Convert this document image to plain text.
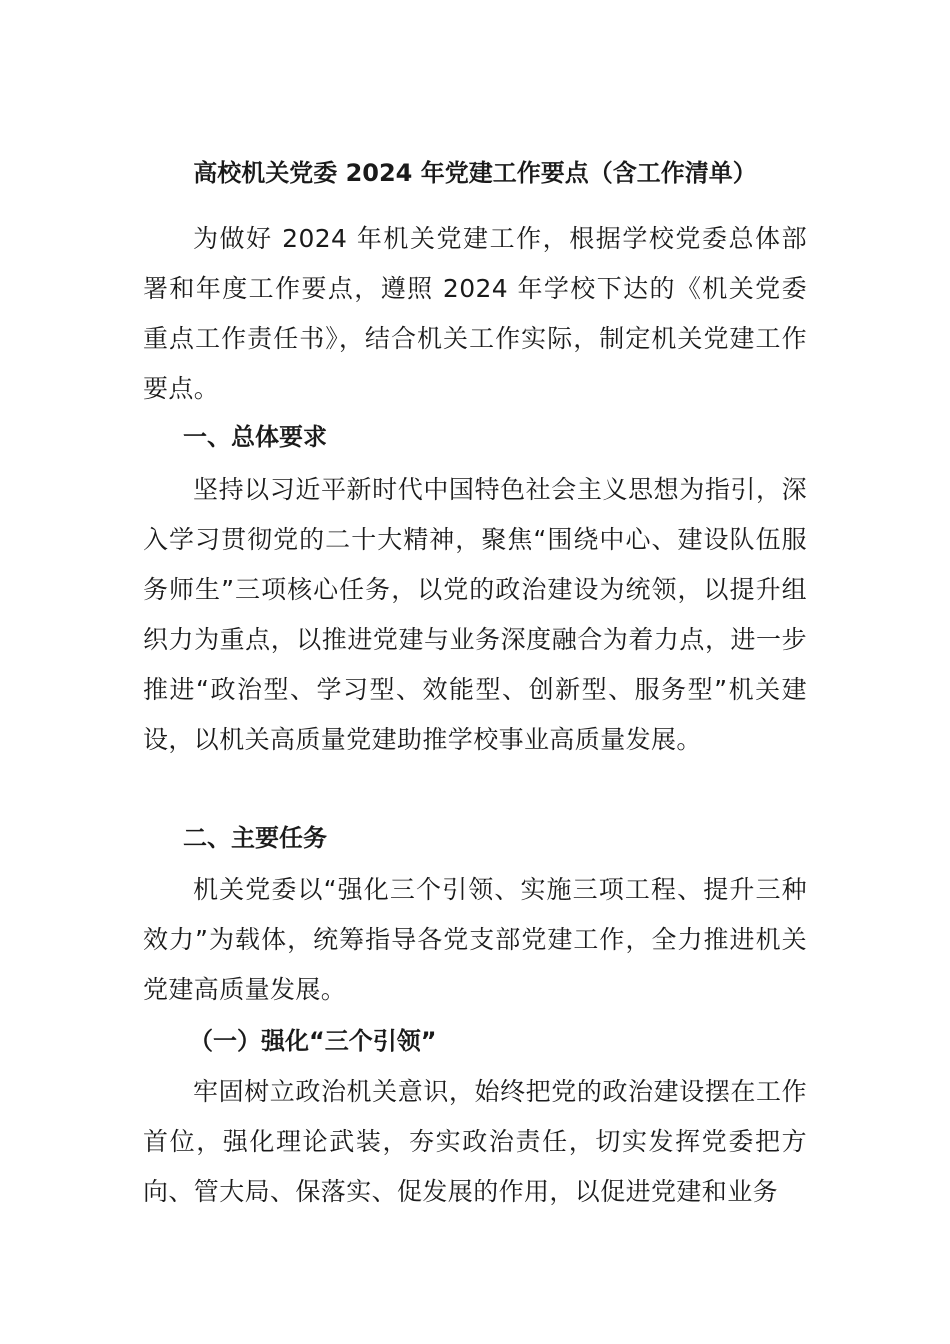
高校机关党委 2024 年党建工作要点（含工作清单）
为做好 2024 年机关党建工作，根据学校党委总体部署和年度工作要点，遵照 2024 年学校下达的《机关党委重点工作责任书》，结合机关工作实际，制定机关党建工作要点。
一、总体要求
坚持以习近平新时代中国特色社会主义思想为指引，深入学习贯彻党的二十大精神，聚焦“围绕中心、建设队伍服务师生”三项核心任务，以党的政治建设为统领，以提升组织力为重点，以推进党建与业务深度融合为着力点，进一步推进“政治型、学习型、效能型、创新型、服务型”机关建设，以机关高质量党建助推学校事业高质量发展。
二、主要任务
机关党委以“强化三个引领、实施三项工程、提升三种效力”为载体，统筹指导各党支部党建工作，全力推进机关党建高质量发展。
（一）强化“三个引领”
牢固树立政治机关意识，始终把党的政治建设摆在工作首位，强化理论武装，夯实政治责任，切实发挥党委把方向、管大局、保落实、促发展的作用，以促进党建和业务
